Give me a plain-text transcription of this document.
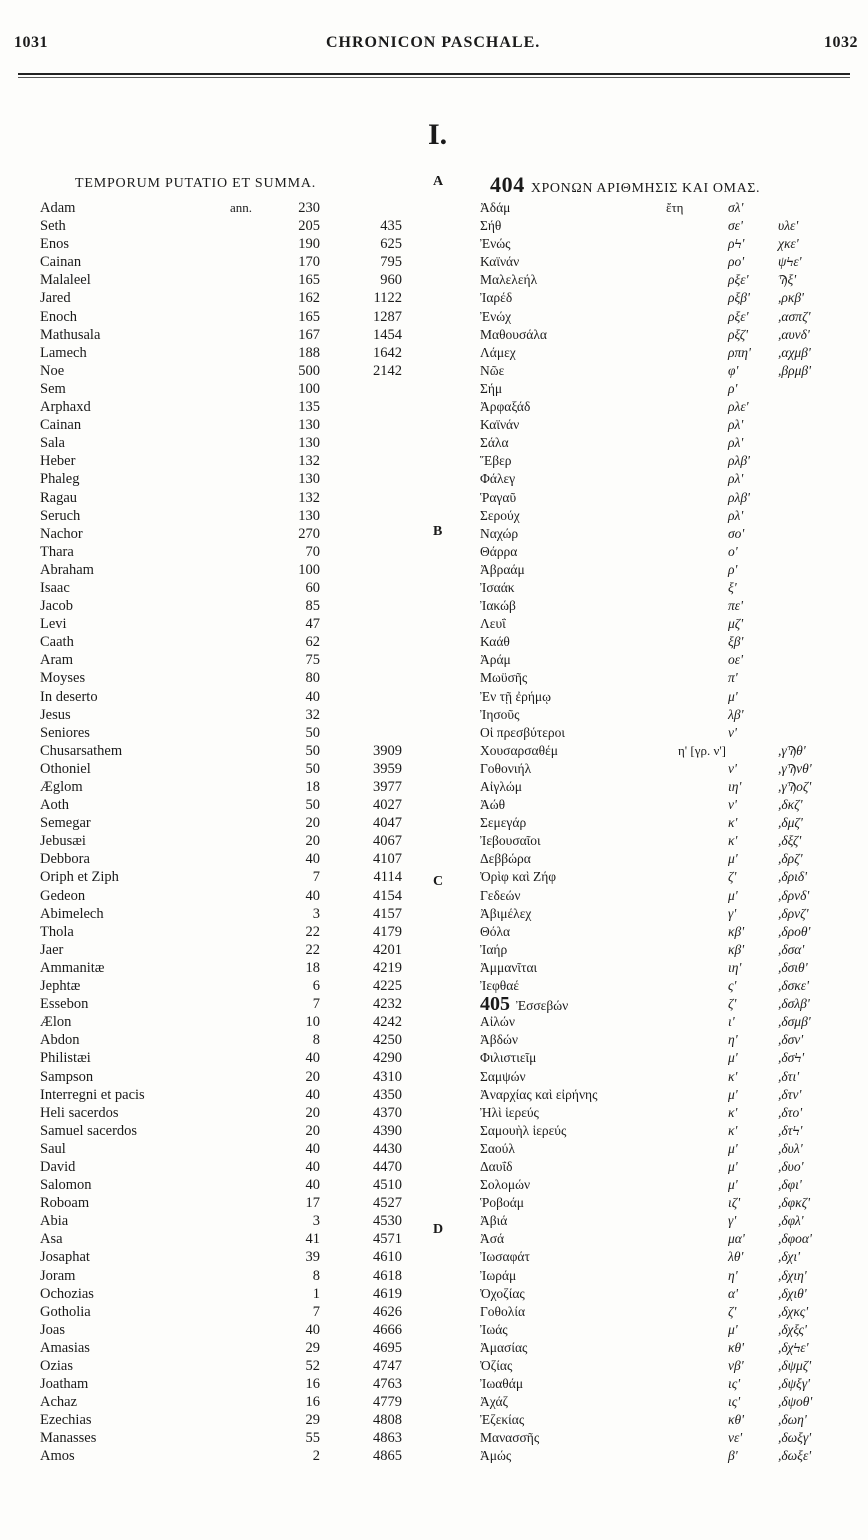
1031	CHRONICON PASCHALE.	1032
I.
TEMPORUM PUTATIO ET SUMMA.	404 ΧΡΟΝΩΝ ΑΡΙΘΜΗΣΙΣ ΚΑΙ ΟΜΑΣ.
A
B
C
D
Adam	ann.	230
Seth	205	435
Enos	190	625
Cainan	170	795
Malaleel	165	960
Jared	162	1122
Enoch	165	1287
Mathusala	167	1454
Lamech	188	1642
Noe	500	2142
Sem	100
Arphaxd	135
Cainan	130
Sala	130
Heber	132
Phaleg	130
Ragau	132
Seruch	130
Nachor	270
Thara	70
Abraham	100
Isaac	60
Jacob	85
Levi	47
Caath	62
Aram	75
Moyses	80
In deserto	40
Jesus	32
Seniores	50
Chusarsathem	50	3909
Othoniel	50	3959
Æglom	18	3977
Aoth	50	4027
Semegar	20	4047
Jebusæi	20	4067
Debbora	40	4107
Oriph et Ziph	7	4114
Gedeon	40	4154
Abimelech	3	4157
Thola	22	4179
Jaer	22	4201
Ammanitæ	18	4219
Jephtæ	6	4225
Essebon	7	4232
Ælon	10	4242
Abdon	8	4250
Philistæi	40	4290
Sampson	20	4310
Interregni et pacis	40	4350
Heli sacerdos	20	4370
Samuel sacerdos	20	4390
Saul	40	4430
David	40	4470
Salomon	40	4510
Roboam	17	4527
Abia	3	4530
Asa	41	4571
Josaphat	39	4610
Joram	8	4618
Ochozias	1	4619
Gotholia	7	4626
Joas	40	4666
Amasias	29	4695
Ozias	52	4747
Joatham	16	4763
Achaz	16	4779
Ezechias	29	4808
Manasses	55	4863
Amos	2	4865
Ἀδάμ	ἔτη	σλ'
Σήθ	σε'	υλε'
Ἐνώς	ρϞ' χκε'
Καϊνάν	ρο'	ψϞε'
Μαλελεήλ	ρξε' Ϡξ'
Ἰαρέδ	ρξβ' ,ρκβ'
Ἐνώχ	ρξε' ,ασπζ'
Μαθουσάλα	ρξζ' ,αυνδ'
Λάμεχ	ρπη' ,αχμβ'
Νῶε	φ'	,βρμβ'
Σήμ	ρ'
Ἀρφαξάδ	ρλε'
Καϊνάν	ρλ'
Σάλα	ρλ'
Ἕβερ	ρλβ'
Φάλεγ	ρλ'
Ῥαγαῦ	ρλβ'
Σερούχ	ρλ'
Ναχώρ	σο'
Θάρρα	ο'
Ἀβραάμ	ρ'
Ἰσαάκ	ξ'
Ἰακώβ	πε'
Λευΐ	μζ'
Καάθ	ξβ'
Ἀράμ	οε'
Μωϋσῆς	π'
Ἐν τῇ ἐρήμῳ	μ'
Ἰησοῦς	λβ'
Οἱ πρεσβύτεροι	ν'
Χουσαρσαθέμ	η' [γρ. ν']	,γϠθ'
Γοθονιήλ	ν'	,γϠνθ'
Αἰγλώμ	ιη'	,γϠοζ'
Ἀώθ	ν'	,δκζ'
Σεμεγάρ	κ'	,δμζ'
Ἰεβουσαῖοι	κ'	,δξζ'
Δεββώρα	μ'	,δρζ'
Ὀρὶφ καὶ Ζήφ	ζ'	,δριδ'
Γεδεών	μ'	,δρνδ'
Ἀβιμέλεχ	γ'	,δρνζ'
Θόλα	κβ'	,δροθ'
Ἰαήρ	κβ'	,δσα'
Ἀμμανῖται	ιη'	,δσιθ'
Ἰεφθαέ	ς'	,δσκε'
405 Ἐσσεβών	ζ'	,δσλβ'
Αἰλών	ι'	,δσμβ'
Ἀβδών	η'	,δσν'
Φιλιστιεῖμ	μ'	,δσϞ'
Σαμψών	κ'	,δτι'
Ἀναρχίας καὶ εἰρήνης	μ'	,δτν'
Ἠλὶ ἱερεύς	κ'	,δτο'
Σαμουὴλ ἱερεύς	κ'	,δτϞ'
Σαούλ	μ'	,δυλ'
Δαυΐδ	μ'	,δυο'
Σολομών	μ'	,δφι'
Ῥοβοάμ	ιζ'	,δφκζ'
Ἀβιά	γ'	,δφλ'
Ἀσά	μα' ,δφοα'
Ἰωσαφάτ	λθ'	,δχι'
Ἰωράμ	η'	,δχιη'
Ὀχοζίας	α'	,δχιθ'
Γοθολία	ζ'	,δχκς'
Ἰωάς	μ'	,δχξς'
Ἀμασίας	κθ'	,δχϞε'
Ὀζίας	νβ'	,δψμζ'
Ἰωαθάμ	ις'	,δψξγ'
Ἀχάζ	ις'	,δψοθ'
Ἐζεκίας	κθ'	,δωη'
Μανασσῆς	νε'	,δωξγ'
Ἀμώς	β'	,δωξε'
